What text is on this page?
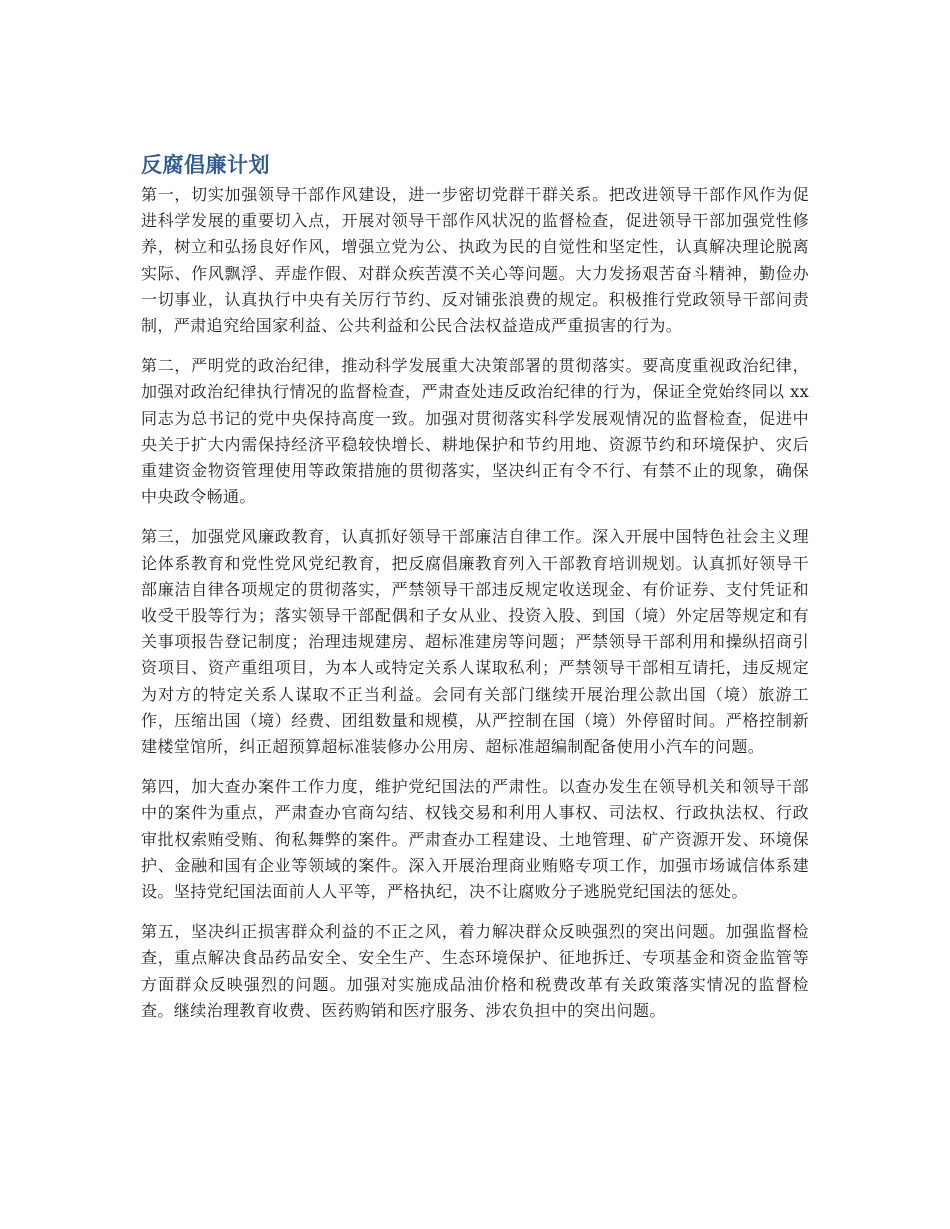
反腐倡廉计划

第一，切实加强领导干部作风建设，进一步密切党群干群关系。把改进领导干部作风作为促进科学发展的重要切入点，开展对领导干部作风状况的监督检查，促进领导干部加强党性修养，树立和弘扬良好作风，增强立党为公、执政为民的自觉性和坚定性，认真解决理论脱离实际、作风飘浮、弄虚作假、对群众疾苦漠不关心等问题。大力发扬艰苦奋斗精神，勤俭办一切事业，认真执行中央有关厉行节约、反对铺张浪费的规定。积极推行党政领导干部问责制，严肃追究给国家利益、公共利益和公民合法权益造成严重损害的行为。

第二，严明党的政治纪律，推动科学发展重大决策部署的贯彻落实。要高度重视政治纪律，加强对政治纪律执行情况的监督检查，严肃查处违反政治纪律的行为，保证全党始终同以 xx 同志为总书记的党中央保持高度一致。加强对贯彻落实科学发展观情况的监督检查，促进中央关于扩大内需保持经济平稳较快增长、耕地保护和节约用地、资源节约和环境保护、灾后重建资金物资管理使用等政策措施的贯彻落实，坚决纠正有令不行、有禁不止的现象，确保中央政令畅通。

第三，加强党风廉政教育，认真抓好领导干部廉洁自律工作。深入开展中国特色社会主义理论体系教育和党性党风党纪教育，把反腐倡廉教育列入干部教育培训规划。认真抓好领导干部廉洁自律各项规定的贯彻落实，严禁领导干部违反规定收送现金、有价证券、支付凭证和收受干股等行为；落实领导干部配偶和子女从业、投资入股、到国（境）外定居等规定和有关事项报告登记制度；治理违规建房、超标准建房等问题；严禁领导干部利用和操纵招商引资项目、资产重组项目，为本人或特定关系人谋取私利；严禁领导干部相互请托，违反规定为对方的特定关系人谋取不正当利益。会同有关部门继续开展治理公款出国（境）旅游工作，压缩出国（境）经费、团组数量和规模，从严控制在国（境）外停留时间。严格控制新建楼堂馆所，纠正超预算超标准装修办公用房、超标准超编制配备使用小汽车的问题。

第四，加大查办案件工作力度，维护党纪国法的严肃性。以查办发生在领导机关和领导干部中的案件为重点，严肃查办官商勾结、权钱交易和利用人事权、司法权、行政执法权、行政审批权索贿受贿、徇私舞弊的案件。严肃查办工程建设、土地管理、矿产资源开发、环境保护、金融和国有企业等领域的案件。深入开展治理商业贿赂专项工作，加强市场诚信体系建设。坚持党纪国法面前人人平等，严格执纪，决不让腐败分子逃脱党纪国法的惩处。

第五，坚决纠正损害群众利益的不正之风，着力解决群众反映强烈的突出问题。加强监督检查，重点解决食品药品安全、安全生产、生态环境保护、征地拆迁、专项基金和资金监管等方面群众反映强烈的问题。加强对实施成品油价格和税费改革有关政策落实情况的监督检查。继续治理教育收费、医药购销和医疗服务、涉农负担中的突出问题。
